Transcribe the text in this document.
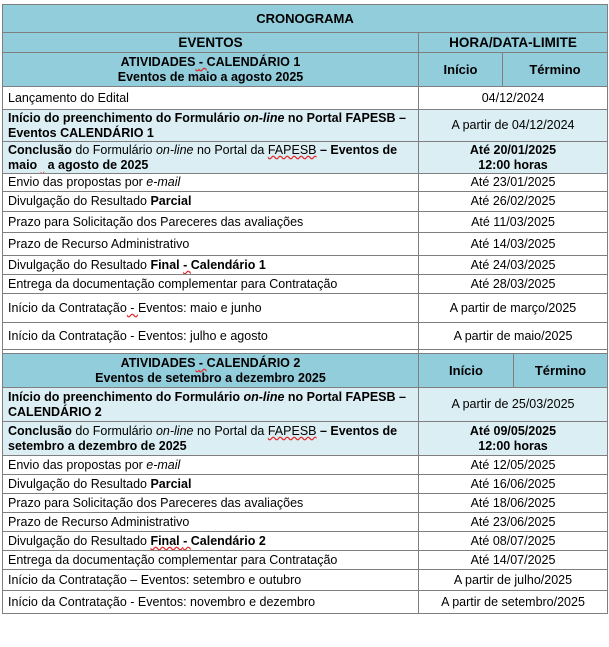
CRONOGRAMA			
EVENTOS	HORA/DATA-LIMITE		

ATIVIDADES - CALENDÁRIO 1
Eventos de maio a agosto 2025	Início	Término	
Lançamento do Edital	04/12/2024		
Início do preenchimento do Formulário on-line no Portal FAPESB – Eventos CALENDÁRIO 1	A partir de 04/12/2024		
Conclusão do Formulário on-line no Portal da FAPESB – Eventos de maio   a agosto de 2025	Até 20/01/2025
12:00 horas		

Envio das propostas por e-mail	Até 23/01/2025		
Divulgação do Resultado Parcial	Até 26/02/2025		
Prazo para Solicitação dos Pareceres das avaliações	Até 11/03/2025		
Prazo de Recurso Administrativo	Até 14/03/2025		
Divulgação do Resultado Final - Calendário 1	Até 24/03/2025		
Entrega da documentação complementar para Contratação	Até 28/03/2025		
Início da Contratação - Eventos: maio e junho	A partir de março/2025		
Início da Contratação - Eventos: julho e agosto	A partir de maio/2025		

ATIVIDADES - CALENDÁRIO 2
Eventos de setembro a dezembro 2025	Início		Término
Início do preenchimento do Formulário on-line no Portal FAPESB – CALENDÁRIO 2	A partir de 25/03/2025		
Conclusão do Formulário on-line no Portal da FAPESB – Eventos de setembro a dezembro de 2025	Até 09/05/2025
12:00 horas		

Envio das propostas por e-mail	Até 12/05/2025		
Divulgação do Resultado Parcial	Até 16/06/2025		
Prazo para Solicitação dos Pareceres das avaliações	Até 18/06/2025		
Prazo de Recurso Administrativo	Até 23/06/2025		
Divulgação do Resultado Final - Calendário 2	Até 08/07/2025		
Entrega da documentação complementar para Contratação	Até 14/07/2025		
Início da Contratação – Eventos: setembro e outubro	A partir de julho/2025		
Início da Contratação - Eventos: novembro e dezembro	A partir de setembro/2025		
